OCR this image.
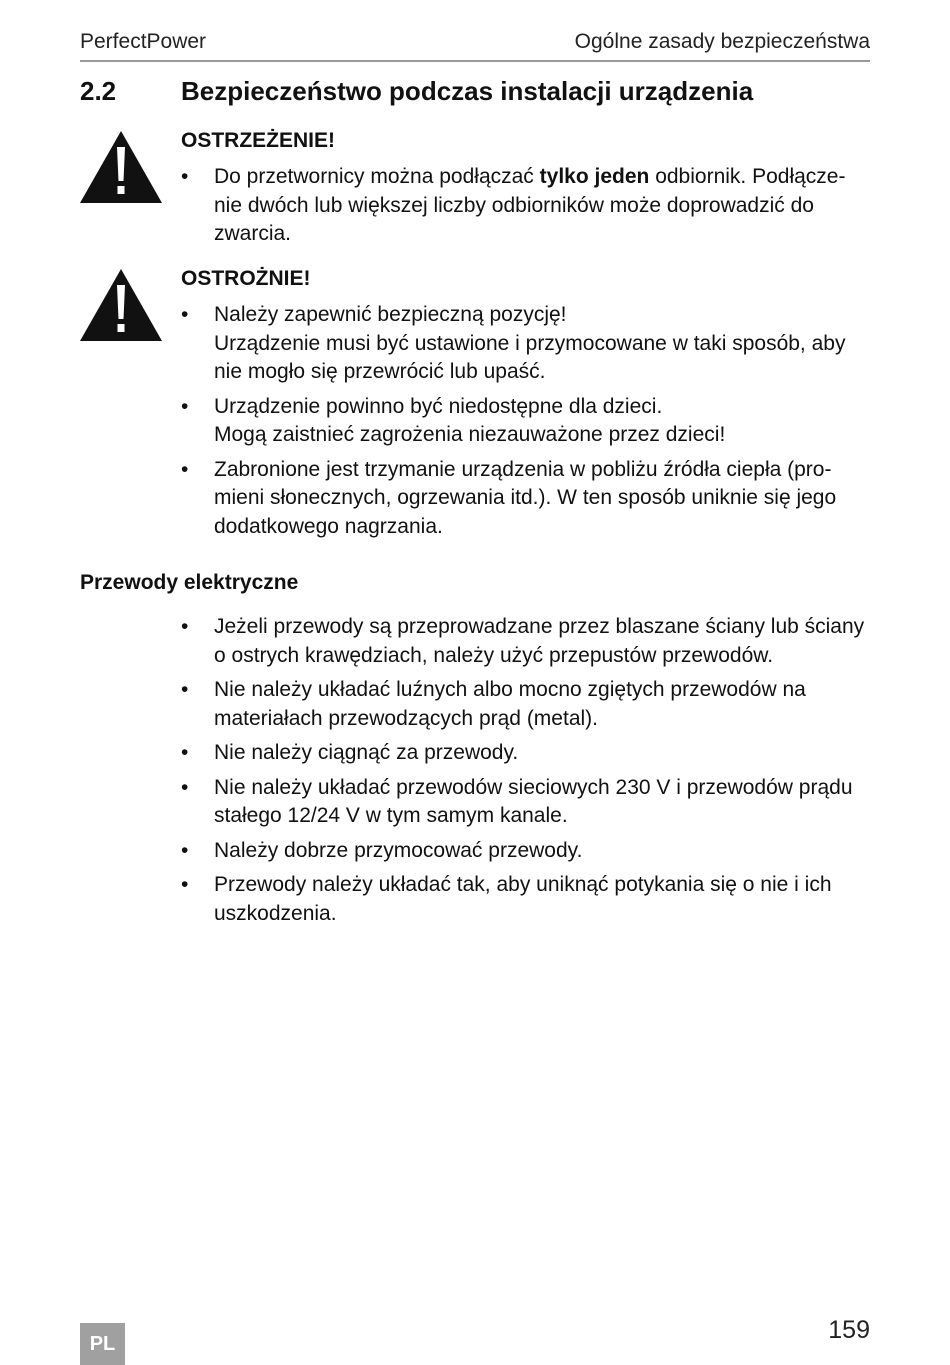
PerfectPower	Ogólne zasady bezpieczeństwa
2.2 Bezpieczeństwo podczas instalacji urządzenia
OSTRZEŻENIE!
• Do przetwornicy można podłączać tylko jeden odbiornik. Podłącze-
nie dwóch lub większej liczby odbiorników może doprowadzić do
zwarcia.
OSTROŻNIE!
• Należy zapewnić bezpieczną pozycję!
Urządzenie musi być ustawione i przymocowane w taki sposób, aby
nie mogło się przewrócić lub upaść.
• Urządzenie powinno być niedostępne dla dzieci.
Mogą zaistnieć zagrożenia niezauważone przez dzieci!
• Zabronione jest trzymanie urządzenia w pobliżu źródła ciepła (pro-
mieni słonecznych, ogrzewania itd.). W ten sposób uniknie się jego
dodatkowego nagrzania.
Przewody elektryczne
• Jeżeli przewody są przeprowadzane przez blaszane ściany lub ściany
o ostrych krawędziach, należy użyć przepustów przewodów.
• Nie należy układać luźnych albo mocno zgiętych przewodów na
materiałach przewodzących prąd (metal).
• Nie należy ciągnąć za przewody.
• Nie należy układać przewodów sieciowych 230 V i przewodów prądu
stałego 12/24 V w tym samym kanale.
• Należy dobrze przymocować przewody.
• Przewody należy układać tak, aby uniknąć potykania się o nie i ich
uszkodzenia.
PL	159
